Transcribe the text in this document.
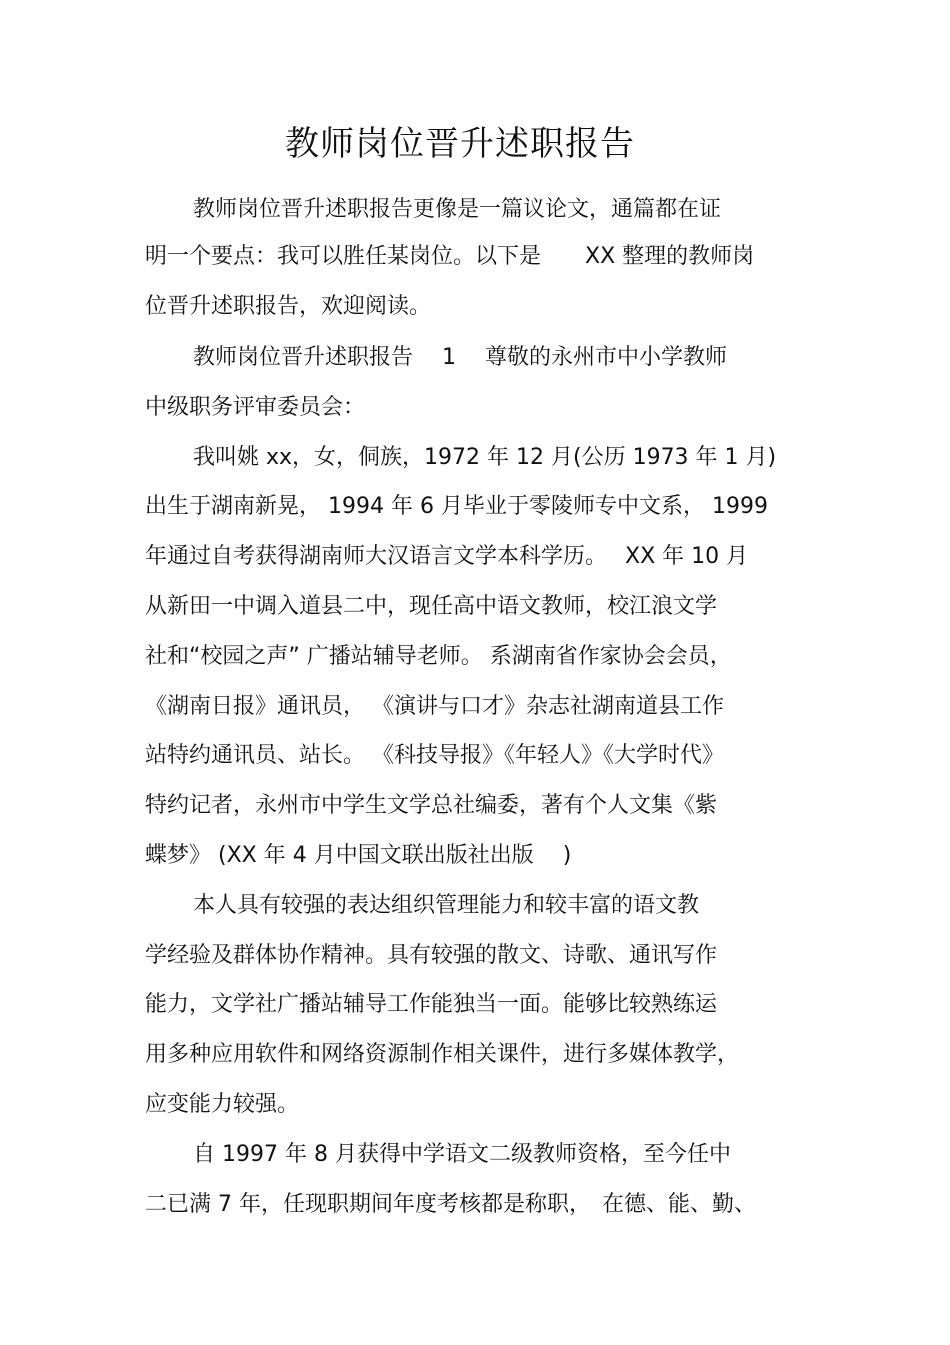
教师岗位晋升述职报告
教师岗位晋升述职报告更像是一篇议论文，通篇都在证
明一个要点：我可以胜任某岗位。以下是　　XX 整理的教师岗
位晋升述职报告，欢迎阅读。
教师岗位晋升述职报告　 1　 尊敬的永州市中小学教师
中级职务评审委员会：
我叫姚 xx，女，侗族，1972 年 12 月(公历 1973 年 1 月)
出生于湖南新晃， 1994 年 6 月毕业于零陵师专中文系， 1999
年通过自考获得湖南师大汉语言文学本科学历。　 XX 年 10 月
从新田一中调入道县二中，现任高中语文教师，校江浪文学
社和“校园之声” 广播站辅导老师。 系湖南省作家协会会员，
《湖南日报》通讯员， 《演讲与口才》杂志社湖南道县工作
站特约通讯员、站长。 《科技导报》《年轻人》《大学时代》
特约记者，永州市中学生文学总社编委，著有个人文集《紫
蝶梦》 (XX 年 4 月中国文联出版社出版 　)
本人具有较强的表达组织管理能力和较丰富的语文教
学经验及群体协作精神。具有较强的散文、诗歌、通讯写作
能力，文学社广播站辅导工作能独当一面。能够比较熟练运
用多种应用软件和网络资源制作相关课件，进行多媒体教学，
应变能力较强。
自 1997 年 8 月获得中学语文二级教师资格，至今任中
二已满 7 年，任现职期间年度考核都是称职，　在德、能、勤、
